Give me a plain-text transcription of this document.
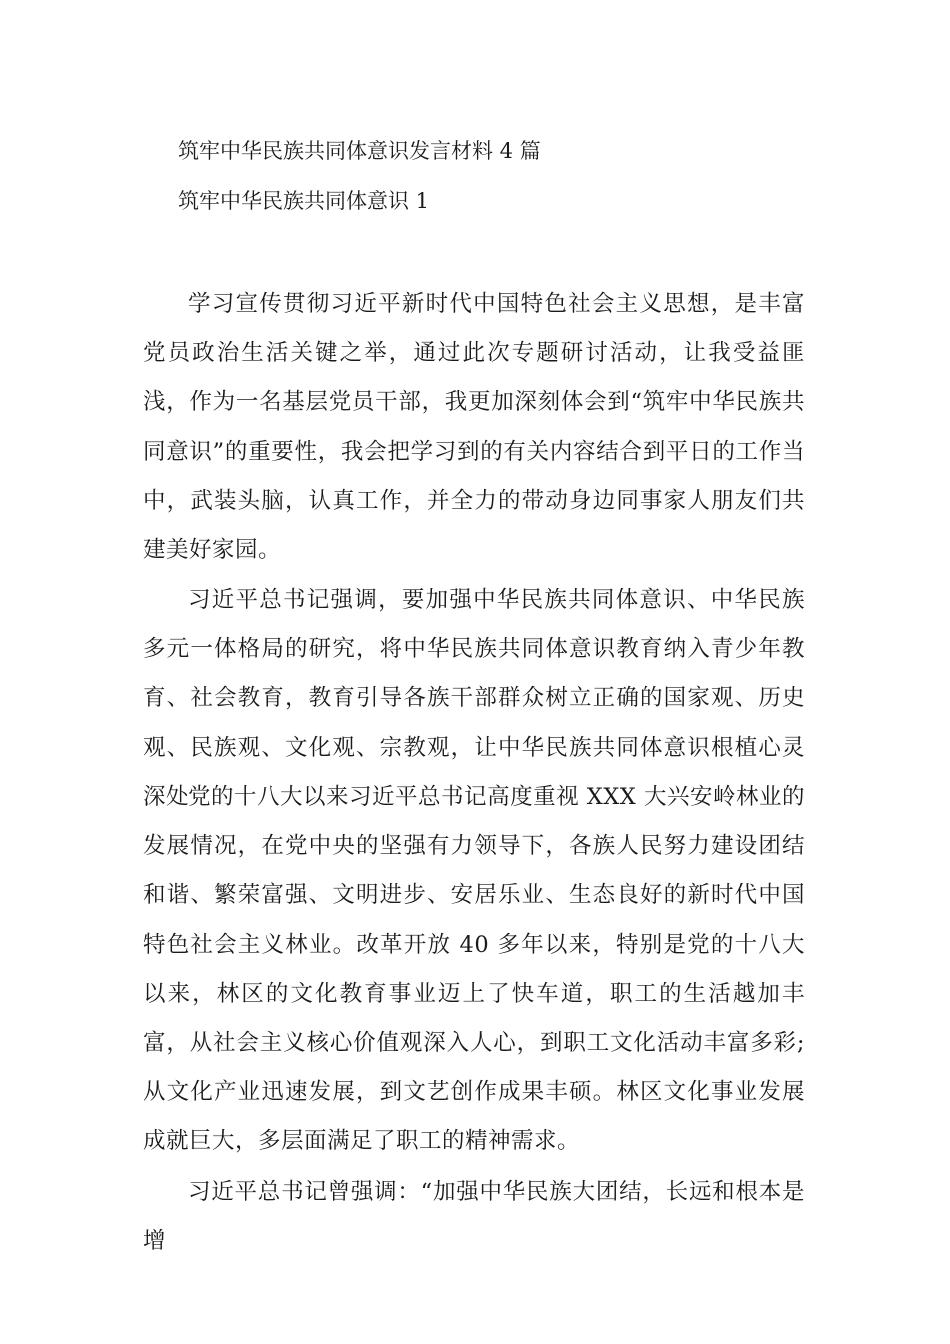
筑牢中华民族共同体意识发言材料 4 篇

筑牢中华民族共同体意识 1

学习宣传贯彻习近平新时代中国特色社会主义思想，是丰富党员政治生活关键之举，通过此次专题研讨活动，让我受益匪浅，作为一名基层党员干部，我更加深刻体会到“筑牢中华民族共同意识”的重要性，我会把学习到的有关内容结合到平日的工作当中，武装头脑，认真工作，并全力的带动身边同事家人朋友们共建美好家园。

习近平总书记强调，要加强中华民族共同体意识、中华民族多元一体格局的研究，将中华民族共同体意识教育纳入青少年教育、社会教育，教育引导各族干部群众树立正确的国家观、历史观、民族观、文化观、宗教观，让中华民族共同体意识根植心灵深处

党的十八大以来习近平总书记高度重视 XXX 大兴安岭林业的发展情况，在党中央的坚强有力领导下，各族人民努力建设团结和谐、繁荣富强、文明进步、安居乐业、生态良好的新时代中国特色社会主义林业。改革开放 40 多年以来，特别是党的十八大以来，林区的文化教育事业迈上了快车道，职工的生活越加丰富，从社会主义核心价值观深入人心，到职工文化活动丰富多彩;从文化产业迅速发展，到文艺创作成果丰硕。林区文化事业发展成就巨大，多层面满足了职工的精神需求。

习近平总书记曾强调：“加强中华民族大团结，长远和根本是增
